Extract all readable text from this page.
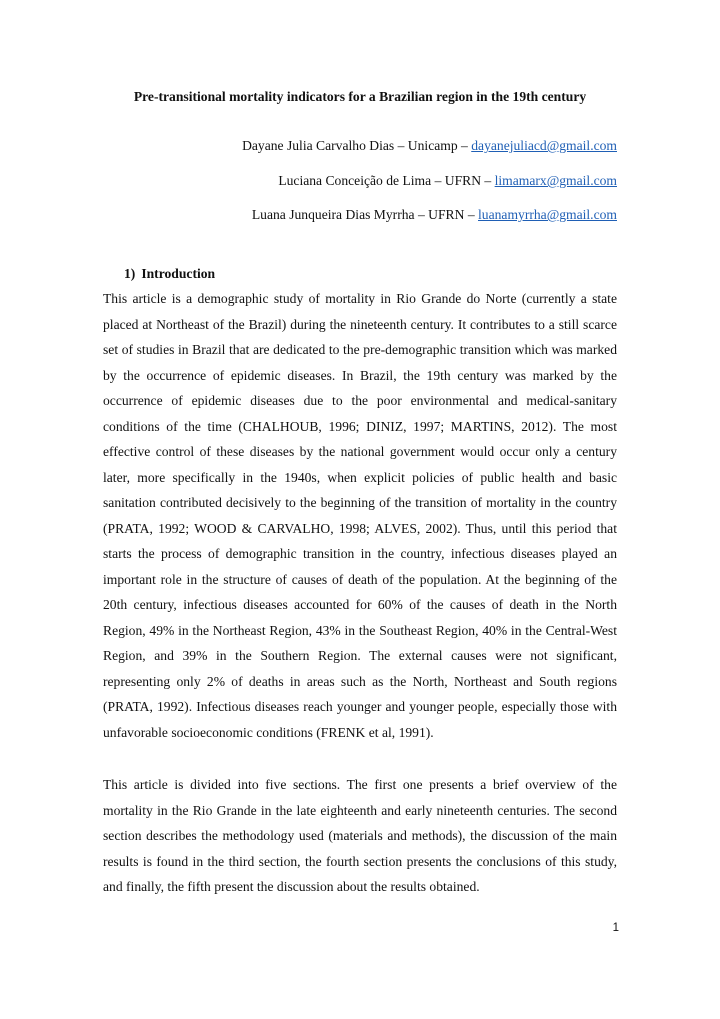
Pre-transitional mortality indicators for a Brazilian region in the 19th century
Dayane Julia Carvalho Dias – Unicamp – dayanejuliacd@gmail.com
Luciana Conceição de Lima – UFRN – limamarx@gmail.com
Luana Junqueira Dias Myrrha – UFRN – luanamyrrha@gmail.com
1) Introduction

This article is a demographic study of mortality in Rio Grande do Norte (currently a state placed at Northeast of the Brazil) during the nineteenth century. It contributes to a still scarce set of studies in Brazil that are dedicated to the pre-demographic transition which was marked by the occurrence of epidemic diseases. In Brazil, the 19th century was marked by the occurrence of epidemic diseases due to the poor environmental and medical-sanitary conditions of the time (CHALHOUB, 1996; DINIZ, 1997; MARTINS, 2012). The most effective control of these diseases by the national government would occur only a century later, more specifically in the 1940s, when explicit policies of public health and basic sanitation contributed decisively to the beginning of the transition of mortality in the country (PRATA, 1992; WOOD & CARVALHO, 1998; ALVES, 2002). Thus, until this period that starts the process of demographic transition in the country, infectious diseases played an important role in the structure of causes of death of the population. At the beginning of the 20th century, infectious diseases accounted for 60% of the causes of death in the North Region, 49% in the Northeast Region, 43% in the Southeast Region, 40% in the Central-West Region, and 39% in the Southern Region. The external causes were not significant, representing only 2% of deaths in areas such as the North, Northeast and South regions (PRATA, 1992). Infectious diseases reach younger and younger people, especially those with unfavorable socioeconomic conditions (FRENK et al, 1991).

This article is divided into five sections. The first one presents a brief overview of the mortality in the Rio Grande in the late eighteenth and early nineteenth centuries. The second section describes the methodology used (materials and methods), the discussion of the main results is found in the third section, the fourth section presents the conclusions of this study, and finally, the fifth present the discussion about the results obtained.

1
